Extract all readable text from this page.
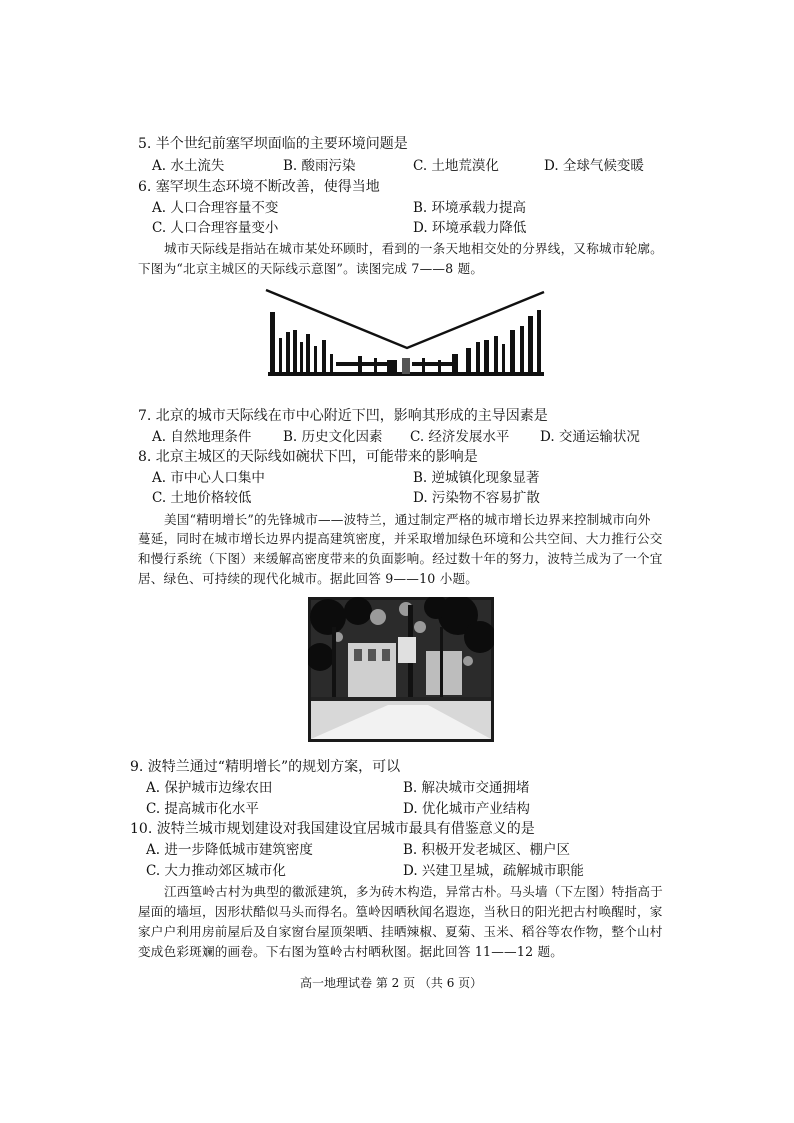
5. 半个世纪前塞罕坝面临的主要环境问题是
A. 水土流失	B. 酸雨污染	C. 土地荒漠化	D. 全球气候变暖
6. 塞罕坝生态环境不断改善，使得当地
A. 人口合理容量不变	B. 环境承载力提高
C. 人口合理容量变小	D. 环境承载力降低
城市天际线是指站在城市某处环顾时，看到的一条天地相交处的分界线，又称城市轮廓。
下图为“北京主城区的天际线示意图”。读图完成 7——8 题。
7. 北京的城市天际线在市中心附近下凹，影响其形成的主导因素是
A. 自然地理条件 B. 历史文化因素 C. 经济发展水平 D. 交通运输状况
8. 北京主城区的天际线如碗状下凹，可能带来的影响是
A. 市中心人口集中	B. 逆城镇化现象显著
C. 土地价格较低	D. 污染物不容易扩散
美国“精明增长”的先锋城市——波特兰，通过制定严格的城市增长边界来控制城市向外
蔓延，同时在城市增长边界内提高建筑密度，并采取增加绿色环境和公共空间、大力推行公交
和慢行系统（下图）来缓解高密度带来的负面影响。经过数十年的努力，波特兰成为了一个宜
居、绿色、可持续的现代化城市。据此回答 9——10 小题。
9. 波特兰通过“精明增长”的规划方案，可以
A. 保护城市边缘农田	B. 解决城市交通拥堵
C. 提高城市化水平	D. 优化城市产业结构
10. 波特兰城市规划建设对我国建设宜居城市最具有借鉴意义的是
A. 进一步降低城市建筑密度	B. 积极开发老城区、棚户区
C. 大力推动郊区城市化	D. 兴建卫星城，疏解城市职能
江西篁岭古村为典型的徽派建筑，多为砖木构造，异常古朴。马头墙（下左图）特指高于
屋面的墙垣，因形状酷似马头而得名。篁岭因晒秋闻名遐迩，当秋日的阳光把古村唤醒时，家
家户户利用房前屋后及自家窗台屋顶架晒、挂晒辣椒、夏菊、玉米、稻谷等农作物，整个山村
变成色彩斑斓的画卷。下右图为篁岭古村晒秋图。据此回答 11——12 题。
高一地理试卷 第 2 页 （共 6 页）
